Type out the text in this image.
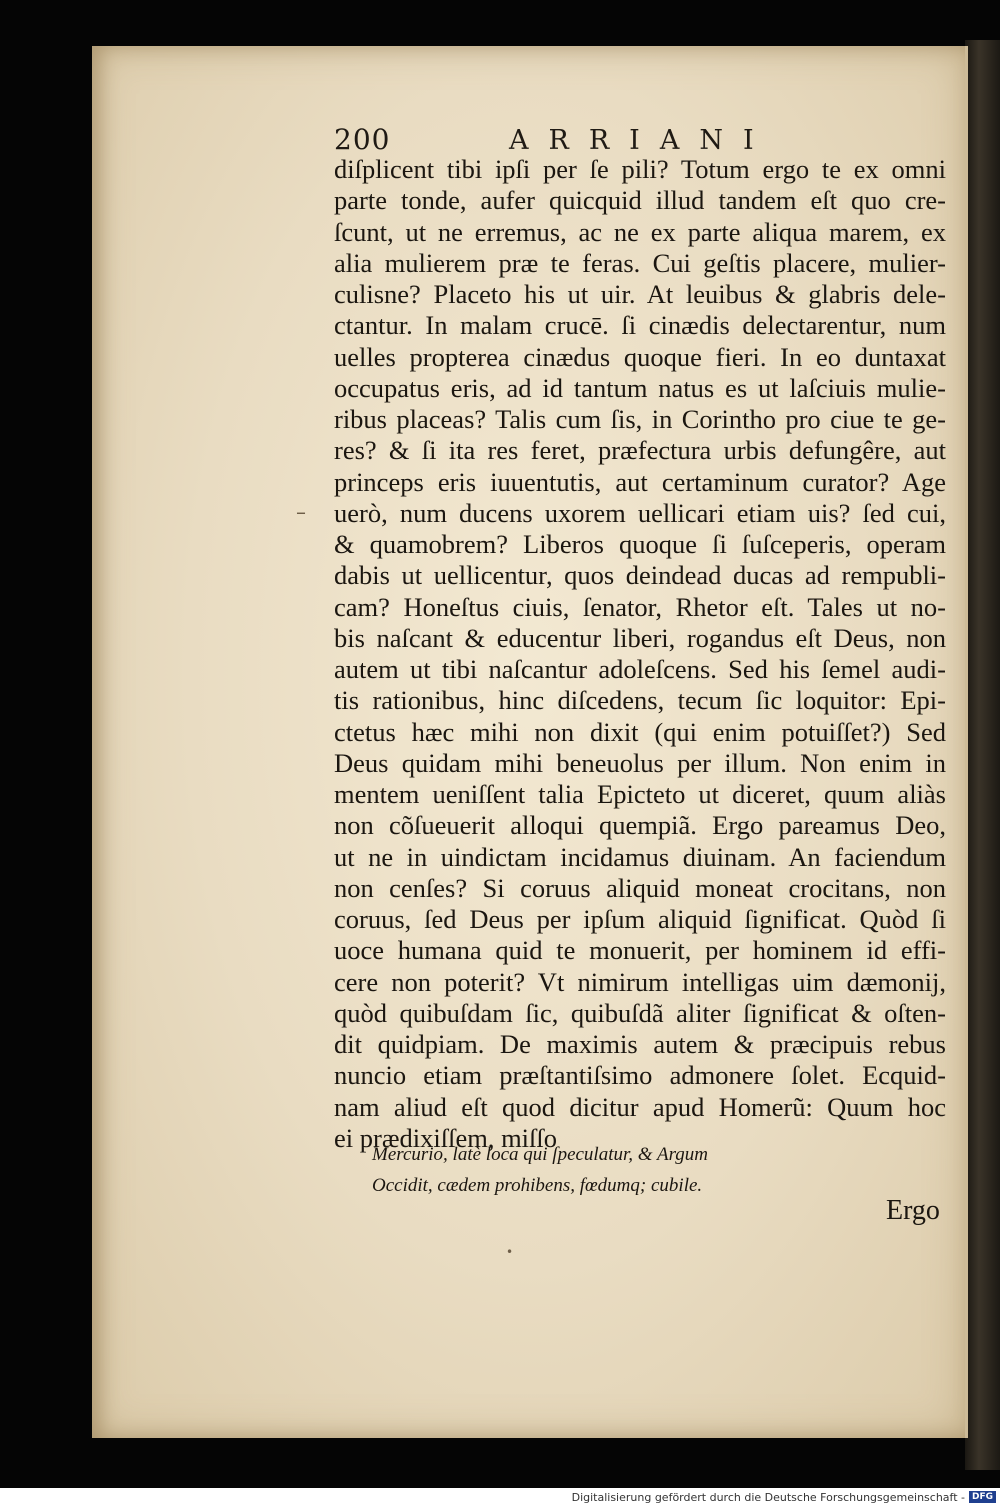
200	ARRIANI
diſplicent tibi ipſi per ſe pili? Totum ergo te ex omni
parte tonde, aufer quicquid illud tandem eſt quo cre-
ſcunt, ut ne erremus, ac ne ex parte aliqua marem, ex
alia mulierem præ te feras. Cui geſtis placere, mulier-
culisne? Placeto his ut uir. At leuibus & glabris dele-
ctantur. In malam crucē. ſi cinædis delectarentur, num
uelles propterea cinædus quoque fieri. In eo duntaxat
occupatus eris, ad id tantum natus es ut laſciuis mulie-
ribus placeas? Talis cum ſis, in Corintho pro ciue te ge-
res? & ſi ita res feret, præfectura urbis defungêre, aut
princeps eris iuuentutis, aut certaminum curator? Age
uerò, num ducens uxorem uellicari etiam uis? ſed cui,
& quamobrem? Liberos quoque ſi ſuſceperis, operam
dabis ut uellicentur, quos deindead ducas ad rempubli-
cam? Honeſtus ciuis, ſenator, Rhetor eſt. Tales ut no-
bis naſcant & educentur liberi, rogandus eſt Deus, non
autem ut tibi naſcantur adoleſcens. Sed his ſemel audi-
tis rationibus, hinc diſcedens, tecum ſic loquitor: Epi-
ctetus hæc mihi non dixit (qui enim potuiſſet?) Sed
Deus quidam mihi beneuolus per illum. Non enim in
mentem ueniſſent talia Epicteto ut diceret, quum aliàs
non cõſueuerit alloqui quempiã. Ergo pareamus Deo,
ut ne in uindictam incidamus diuinam. An faciendum
non cenſes? Si coruus aliquid moneat crocitans, non
coruus, ſed Deus per ipſum aliquid ſignificat. Quòd ſi
uoce humana quid te monuerit, per hominem id effi-
cere non poterit? Vt nimirum intelligas uim dæmonij,
quòd quibuſdam ſic, quibuſdã aliter ſignificat & oſten-
dit quidpiam. De maximis autem & præcipuis rebus
nuncio etiam præſtantiſsimo admonere ſolet. Ecquid-
nam aliud eſt quod dicitur apud Homerũ: Quum hoc
ei prædixiſſem, miſſo
Mercurio, latè loca qui ſpeculatur, & Argum
Occidit, cædem prohibens, fœdumq; cubile.
Ergo
–
•
Digitalisierung gefördert durch die Deutsche Forschungsgemeinschaft - DFG
